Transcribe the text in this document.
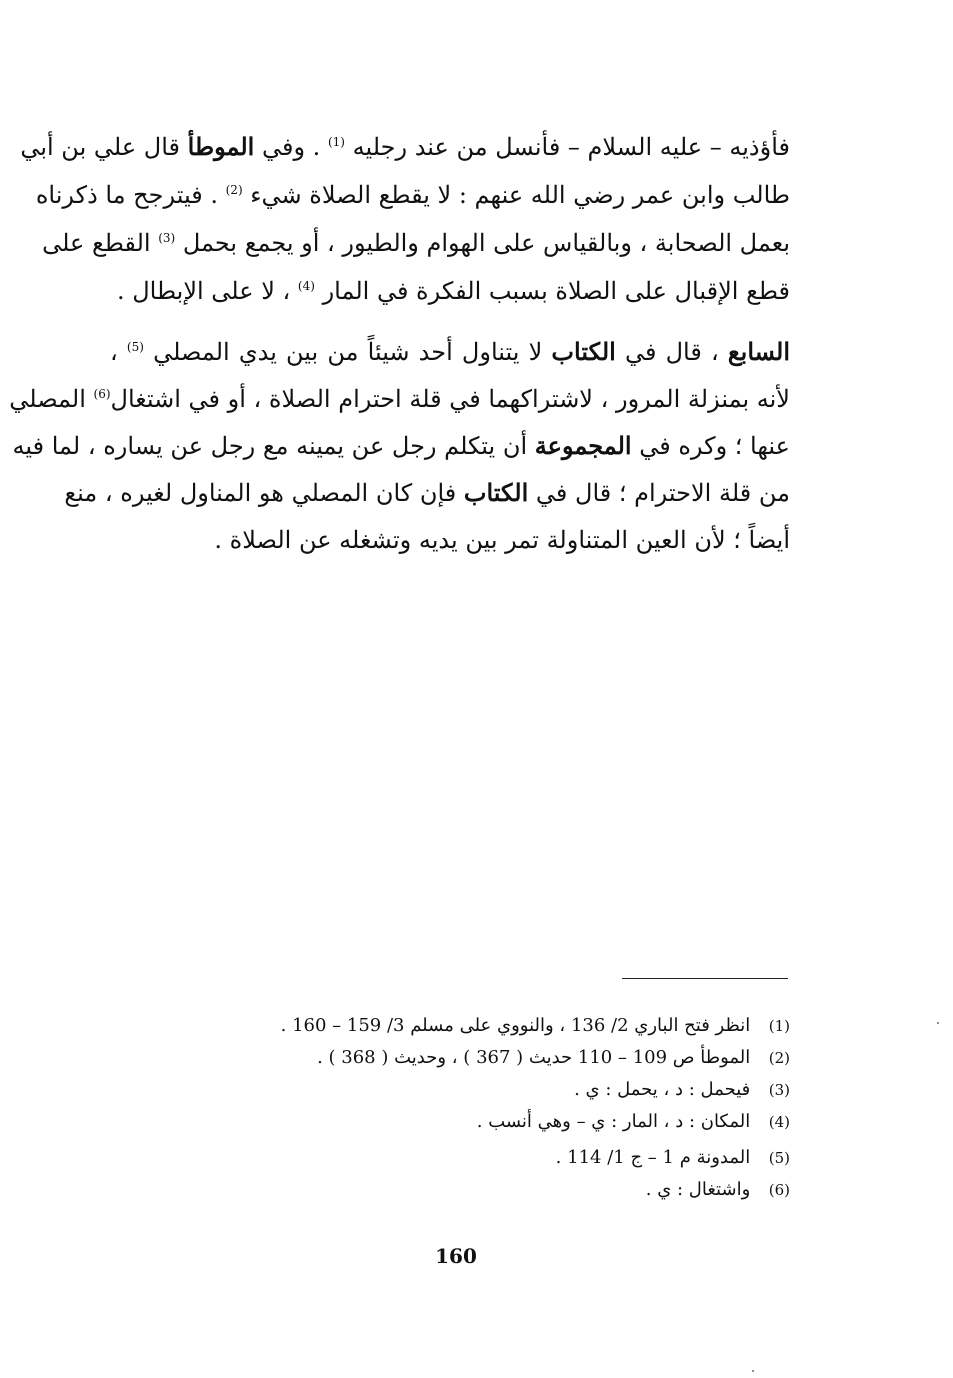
فأؤذيه – عليه السلام – فأنسل من عند رجليه $^{(1)}$ . وفي الموطأ قال علي بن أبي
طالب وابن عمر رضي الله عنهم : لا يقطع الصلاة شيء $^{(2)}$ . فيترجح ما ذكرناه
بعمل الصحابة ، وبالقياس على الهوام والطيور ، أو يجمع بحمل $^{(3)}$ القطع على
قطع الإقبال على الصلاة بسبب الفكرة في المار $^{(4)}$ ، لا على الإبطال .
السابع ، قال في الكتاب لا يتناول أحد شيئاً من بين يدي المصلي $^{(5)}$ ،
لأنه بمنزلة المرور ، لاشتراكهما في قلة احترام الصلاة ، أو في اشتغال$^{(6)}$ المصلي
عنها ؛ وكره في المجموعة أن يتكلم رجل عن يمينه مع رجل عن يساره ، لما فيه
من قلة الاحترام ؛ قال في الكتاب فإن كان المصلي هو المناول لغيره ، منع
أيضاً ؛ لأن العين المتناولة تمر بين يديه وتشغله عن الصلاة .
(1) انظر فتح الباري 2/ 136 ، والنووي على مسلم 3/ 159 – 160 .
(2) الموطأ ص 109 – 110 حديث ( 367 ) ، وحديث ( 368 ) .
(3) فيحمل : د ، يحمل : ي .
(4) المكان : د ، المار : ي – وهي أنسب .
(5) المدونة م 1 – ج 1/ 114 .
(6) واشتغال : ي .
160
